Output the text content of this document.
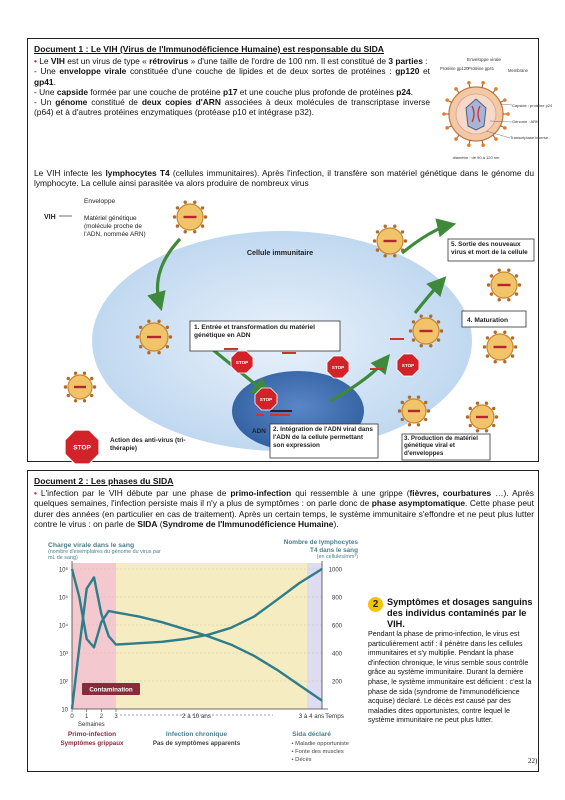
Document 1 : Le VIH (Virus de l'Immunodéficience Humaine) est responsable du SIDA

• Le VIH est un virus de type « rétrovirus » d'une taille de l'ordre de 100 nm. Il est constitué de 3 parties :

- Une enveloppe virale constituée d'une couche de lipides et de deux sortes de protéines : gp120 et gp41.

- Une capside formée par une couche de protéine p17 et une couche plus profonde de protéines p24.

- Un génome constitué de deux copies d'ARN associées à deux molécules de transcriptase inverse (p64) et à d'autres protéines enzymatiques (protéase p10 et intégrase p32).

Le VIH infecte les lymphocytes T4 (cellules immunitaires). Après l'infection, il transfère son matériel génétique dans le génome du lymphocyte. La cellule ainsi parasitée va alors produire de nombreux virus
Enveloppe virale
Protéine gp120 Protéine gp41	Membrane
Capside : protéine p24
Génome : ARN
Transcriptase inverse
diamètre : de 90 à 120 nm
Cellule immunitaire
VIH
Enveloppe
Matériel génétique (molécule proche de l'ADN, nommée ARN)
1. Entrée et transformation du matériel génétique en ADN
2. Intégration de l'ADN viral dans l'ADN de la cellule permettant son expression
3. Production de matériel génétique viral et d'enveloppes
4. Maturation
5. Sortie des nouveaux virus et mort de la cellule
ADN
STOP
STOP
STOP	STOP
STOP
Action des anti-virus (tri-thérapie)
Document 2 : Les phases du SIDA
• L'infection par le VIH débute par une phase de primo-infection qui ressemble à une grippe (fièvres, courbatures …). Après quelques semaines, l'infection persiste mais il n'y a plus de symptômes : on parle donc de phase asymptomatique. Cette phase peut durer des années (en particulier en cas de traitement). Après un certain temps, le système immunitaire s'effondre et ne peut plus lutter contre le virus : on parle de SIDA (Syndrome de l'Immunodéficience Humaine).
10⁶
10⁵
10⁴
10³
10²
10
1000
800
600
400
200
Charge virale dans le sang
(nombre d'exemplaires du génome du virus par mL de sang)
Nombre de lymphocytes T4 dans le sang
(en cellules/mm³)
Contamination
0 1 2 3
Semaines
2 à 10 ans	3 à 4 ans Temps
Primo-infection
Symptômes grippaux
Infection chronique
Pas de symptômes apparents
Sida déclaré
• Maladie opportuniste
• Fonte des muscles
• Décès
2 Symptômes et dosages sanguins des individus contaminés par le VIH.
Pendant la phase de primo-infection, le virus est particulièrement actif : il pénètre dans les cellules immunitaires et s'y multiplie. Pendant la phase d'infection chronique, le virus semble sous contrôle grâce au système immunitaire. Durant la dernière phase, le système immunitaire est déficient : c'est la phase de sida (syndrome de l'immunodéficience acquise) déclaré. Le décès est causé par des maladies dites opportunistes, contre lequel le système immunitaire ne peut plus lutter.
22)
